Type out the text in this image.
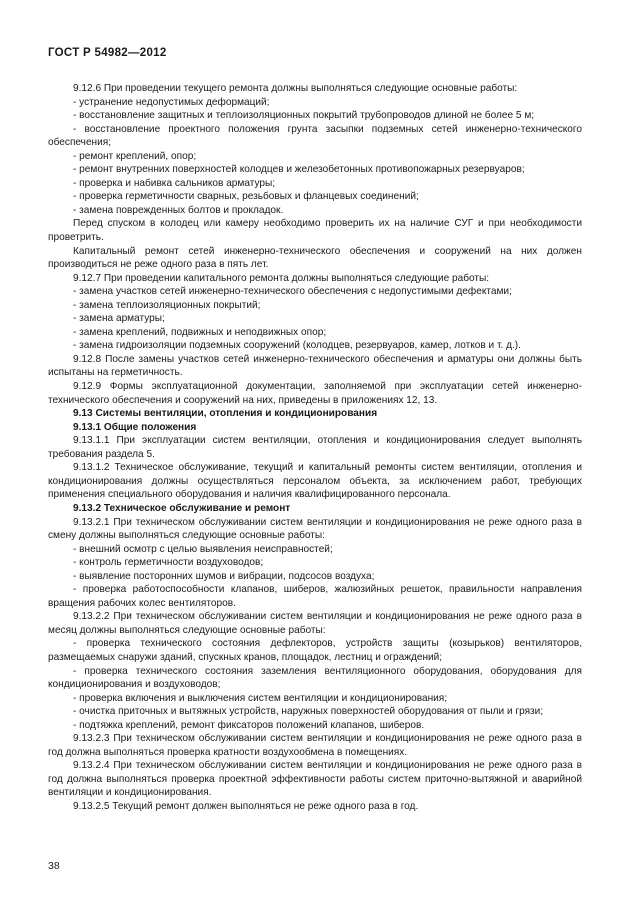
ГОСТ Р 54982—2012

9.12.6 При проведении текущего ремонта должны выполняться следующие основные работы:

- устранение недопустимых деформаций;

- восстановление защитных и теплоизоляционных покрытий трубопроводов длиной не более 5 м;

- восстановление проектного положения грунта засыпки подземных сетей инженерно-технического обеспечения;

- ремонт креплений, опор;

- ремонт внутренних поверхностей колодцев и железобетонных противопожарных резервуаров;

- проверка и набивка сальников арматуры;

- проверка герметичности сварных, резьбовых и фланцевых соединений;

- замена поврежденных болтов и прокладок.

Перед спуском в колодец или камеру необходимо проверить их на наличие СУГ и при необходимости проветрить.

Капитальный ремонт сетей инженерно-технического обеспечения и сооружений на них должен производиться не реже одного раза в пять лет.

9.12.7 При проведении капитального ремонта должны выполняться следующие работы:

- замена участков сетей инженерно-технического обеспечения с недопустимыми дефектами;

- замена теплоизоляционных покрытий;

- замена арматуры;

- замена креплений, подвижных и неподвижных опор;

- замена гидроизоляции подземных сооружений (колодцев, резервуаров, камер, лотков и т. д.).

9.12.8 После замены участков сетей инженерно-технического обеспечения и арматуры они должны быть испытаны на герметичность.

9.12.9 Формы эксплуатационной документации, заполняемой при эксплуатации сетей инженерно-технического обеспечения и сооружений на них, приведены в приложениях 12, 13.

9.13 Системы вентиляции, отопления и кондиционирования

9.13.1 Общие положения

9.13.1.1 При эксплуатации систем вентиляции, отопления и кондиционирования следует выполнять требования раздела 5.

9.13.1.2 Техническое обслуживание, текущий и капитальный ремонты систем вентиляции, отопления и кондиционирования должны осуществляться персоналом объекта, за исключением работ, требующих применения специального оборудования и наличия квалифицированного персонала.

9.13.2 Техническое обслуживание и ремонт

9.13.2.1 При техническом обслуживании систем вентиляции и кондиционирования не реже одного раза в смену должны выполняться следующие основные работы:

- внешний осмотр с целью выявления неисправностей;

- контроль герметичности воздуховодов;

- выявление посторонних шумов и вибрации, подсосов воздуха;

- проверка работоспособности клапанов, шиберов, жалюзийных решеток, правильности направления вращения рабочих колес вентиляторов.

9.13.2.2 При техническом обслуживании систем вентиляции и кондиционирования не реже одного раза в месяц должны выполняться следующие основные работы:

- проверка технического состояния дефлекторов, устройств защиты (козырьков) вентиляторов, размещаемых снаружи зданий, спускных кранов, площадок, лестниц и ограждений;

- проверка технического состояния заземления вентиляционного оборудования, оборудования для кондиционирования и воздуховодов;

- проверка включения и выключения систем вентиляции и кондиционирования;

- очистка приточных и вытяжных устройств, наружных поверхностей оборудования от пыли и грязи;

- подтяжка креплений, ремонт фиксаторов положений клапанов, шиберов.

9.13.2.3 При техническом обслуживании систем вентиляции и кондиционирования не реже одного раза в год должна выполняться проверка кратности воздухообмена в помещениях.

9.13.2.4 При техническом обслуживании систем вентиляции и кондиционирования не реже одного раза в год должна выполняться проверка проектной эффективности работы систем приточно-вытяжной и аварийной вентиляции и кондиционирования.

9.13.2.5 Текущий ремонт должен выполняться не реже одного раза в год.

38
